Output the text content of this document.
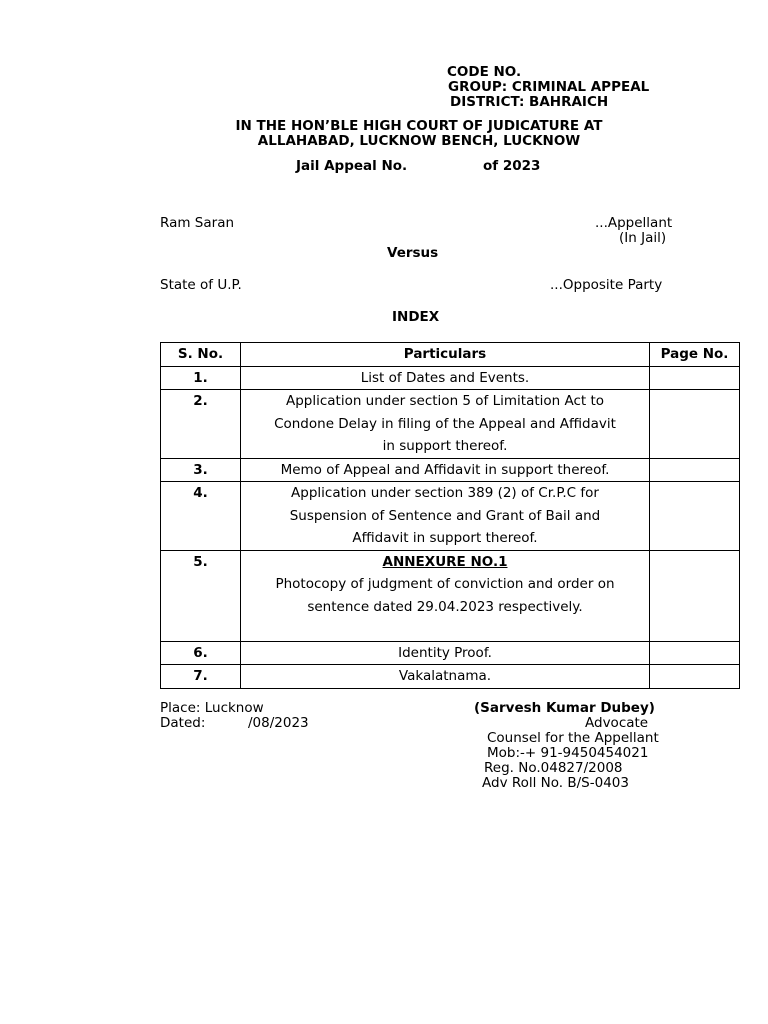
CODE NO.
GROUP: CRIMINAL APPEAL
DISTRICT: BAHRAICH
IN THE HON’BLE HIGH COURT OF JUDICATURE AT
ALLAHABAD, LUCKNOW BENCH, LUCKNOW
Jail Appeal No.	of 2023
Ram Saran	...Appellant
(In Jail)
Versus
State of U.P.	...Opposite Party
INDEX
S. No.	Particulars	Page No.
1.	List of Dates and Events.	

2.	Application under section 5 of Limitation Act to
Condone Delay in filing of the Appeal and Affidavit
in support thereof.	

3.	Memo of Appeal and Affidavit in support thereof.	

4.	Application under section 389 (2) of Cr.P.C for
Suspension of Sentence and Grant of Bail and
Affidavit in support thereof.	

5.	ANNEXURE NO.1
Photocopy of judgment of conviction and order on
sentence dated 29.04.2023 respectively.	

6.	Identity Proof.	

7.	Vakalatnama.	

Place: Lucknow
Dated:	/08/2023
(Sarvesh Kumar Dubey)
Advocate
Counsel for the Appellant
Mob:-+ 91-9450454021
Reg. No.04827/2008
Adv Roll No. B/S-0403
